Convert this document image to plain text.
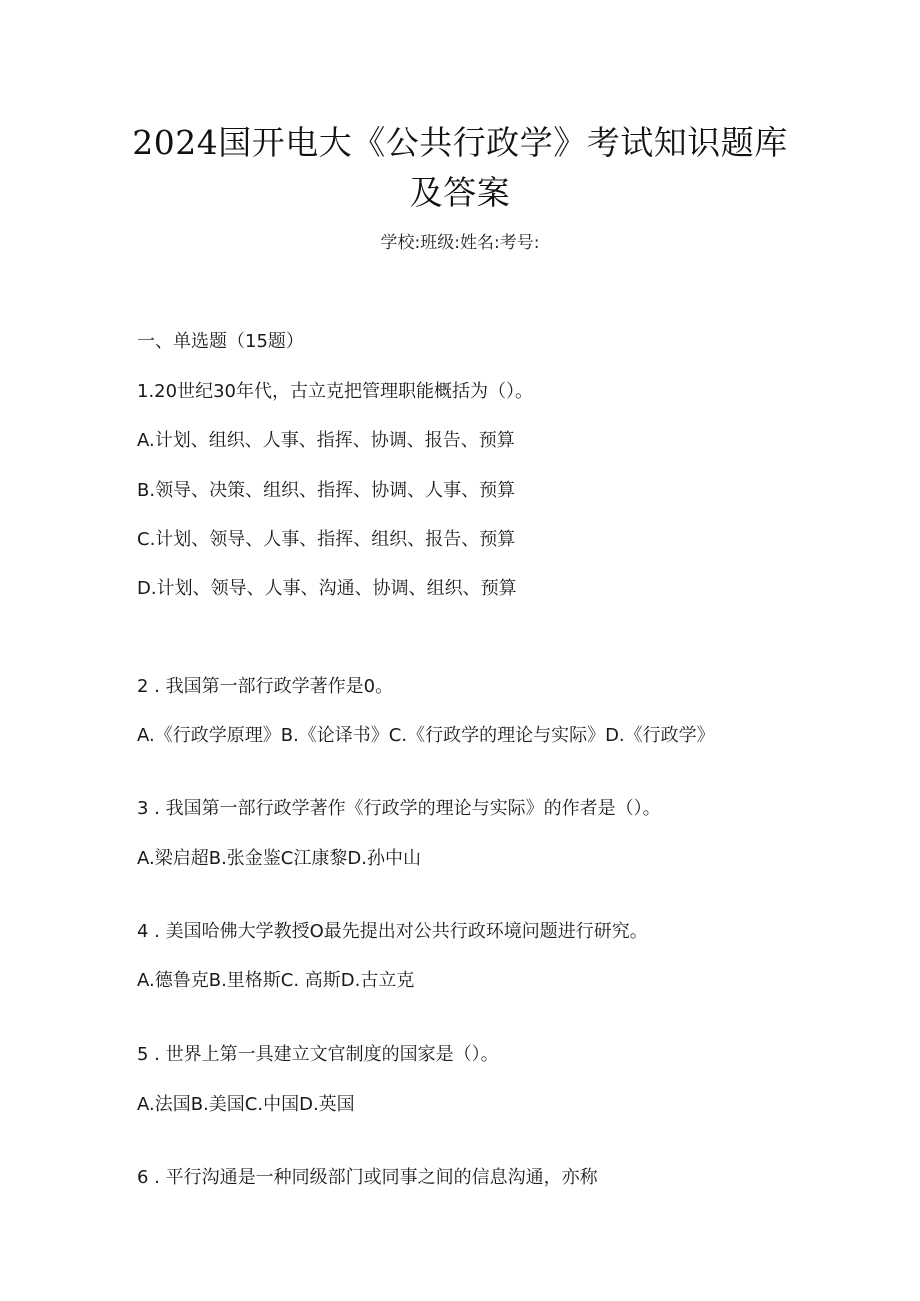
2024国开电大《公共行政学》考试知识题库
及答案
学校:班级:姓名:考号:
一、单选题（15题）
1.20世纪30年代，古立克把管理职能概括为（）。
A.计划、组织、人事、指挥、协调、报告、预算
B.领导、决策、组织、指挥、协调、人事、预算
C.计划、领导、人事、指挥、组织、报告、预算
D.计划、领导、人事、沟通、协调、组织、预算
2 . 我国第一部行政学著作是0。
A.《行政学原理》B.《论译书》C.《行政学的理论与实际》D.《行政学》
3 . 我国第一部行政学著作《行政学的理论与实际》的作者是（）。
A.梁启超B.张金鉴C江康黎D.孙中山
4 . 美国哈佛大学教授O最先提出对公共行政环境问题进行研究。
A.德鲁克B.里格斯C. 高斯D.古立克
5 . 世界上第一具建立文官制度的国家是（）。
A.法国B.美国C.中国D.英国
6 . 平行沟通是一种同级部门或同事之间的信息沟通，亦称
